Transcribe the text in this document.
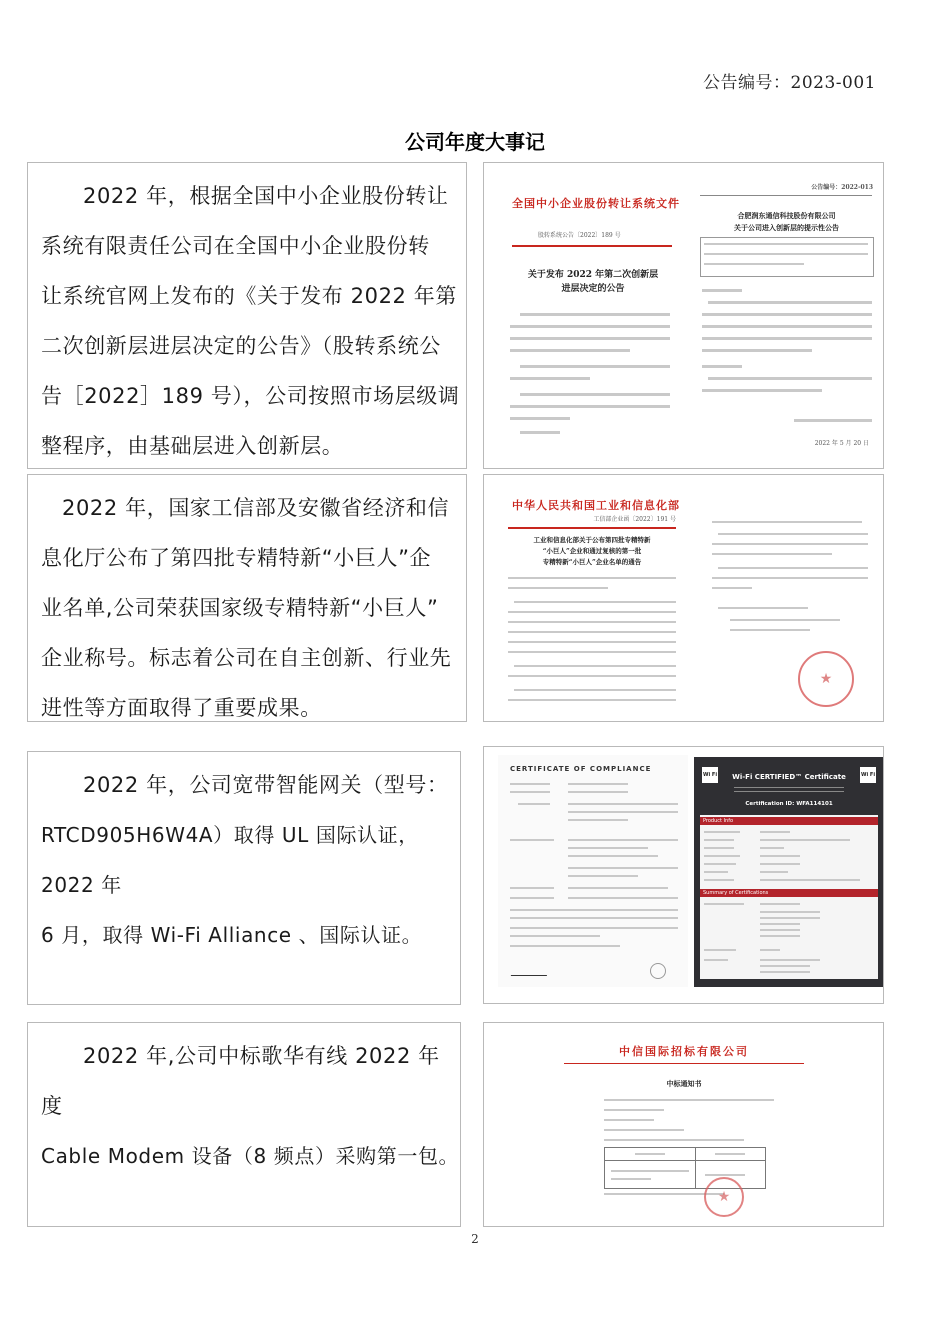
公告编号：2023-001
公司年度大事记

2022 年，根据全国中小企业股份转让

系统有限责任公司在全国中小企业股份转

让系统官网上发布的《关于发布 2022 年第

二次创新层进层决定的公告》（股转系统公

告［2022］189 号），公司按照市场层级调

整程序，由基础层进入创新层。

全国中小企业股份转让系统文件
股转系统公告〔2022〕189 号
关于发布 2022 年第二次创新层
进层决定的公告
公告编号：2022-013
合肥润东通信科技股份有限公司
关于公司进入创新层的提示性公告
2022 年 5 月 20 日

2022 年，国家工信部及安徽省经济和信

息化厅公布了第四批专精特新“小巨人”企

业名单,公司荣获国家级专精特新“小巨人”

企业称号。标志着公司在自主创新、行业先

进性等方面取得了重要成果。

中华人民共和国工业和信息化部
工信部企业函〔2022〕191 号
工业和信息化部关于公布第四批专精特新
“小巨人”企业和通过复核的第一批
专精特新“小巨人”企业名单的通告
★

2022 年，公司宽带智能网关（型号：

RTCD905H6W4A）取得 UL 国际认证，2022 年

6 月，取得 Wi-Fi Alliance 、国际认证。

CERTIFICATE OF COMPLIANCE
Wi Fi	Wi Fi
Wi-Fi CERTIFIED™ Certificate
Certification ID: WFA114101
Product Info
Summary of Certifications

2022 年,公司中标歌华有线 2022 年度

Cable Modem 设备（8 频点）采购第一包。

中信国际招标有限公司
中标通知书
★
2
